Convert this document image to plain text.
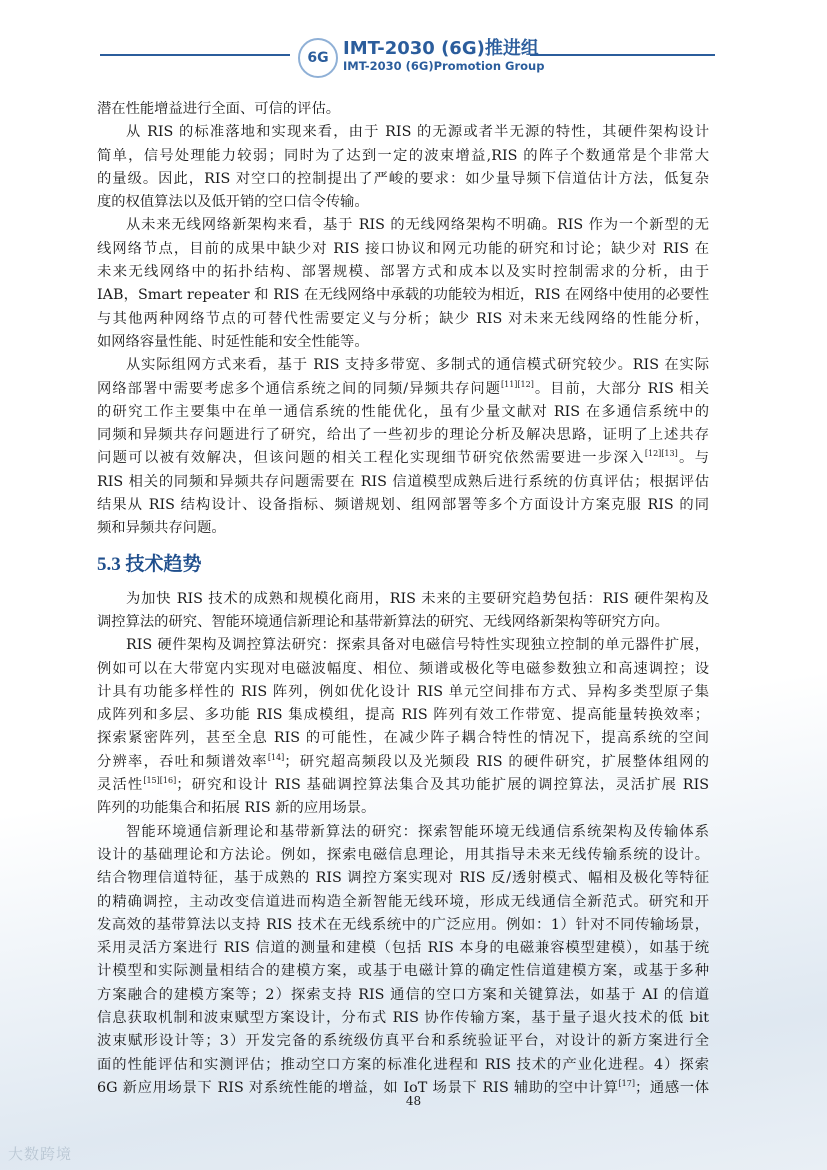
6G IMT-2030 (6G)推进组
IMT-2030 (6G)Promotion Group
潜在性能增益进行全面、可信的评估。
从 RIS 的标准落地和实现来看，由于 RIS 的无源或者半无源的特性，其硬件架构设计
简单，信号处理能力较弱；同时为了达到一定的波束增益,RIS 的阵子个数通常是个非常大
的量级。因此，RIS 对空口的控制提出了严峻的要求：如少量导频下信道估计方法，低复杂
度的权值算法以及低开销的空口信令传输。
从未来无线网络新架构来看，基于 RIS 的无线网络架构不明确。RIS 作为一个新型的无
线网络节点，目前的成果中缺少对 RIS 接口协议和网元功能的研究和讨论；缺少对 RIS 在
未来无线网络中的拓扑结构、部署规模、部署方式和成本以及实时控制需求的分析，由于
IAB，Smart repeater 和 RIS 在无线网络中承载的功能较为相近，RIS 在网络中使用的必要性
与其他两种网络节点的可替代性需要定义与分析；缺少 RIS 对未来无线网络的性能分析，
如网络容量性能、时延性能和安全性能等。
从实际组网方式来看，基于 RIS 支持多带宽、多制式的通信模式研究较少。RIS 在实际
网络部署中需要考虑多个通信系统之间的同频/异频共存问题[11][12]。目前，大部分 RIS 相关
的研究工作主要集中在单一通信系统的性能优化，虽有少量文献对 RIS 在多通信系统中的
同频和异频共存问题进行了研究，给出了一些初步的理论分析及解决思路，证明了上述共存
问题可以被有效解决，但该问题的相关工程化实现细节研究依然需要进一步深入[12][13]。与
RIS 相关的同频和异频共存问题需要在 RIS 信道模型成熟后进行系统的仿真评估；根据评估
结果从 RIS 结构设计、设备指标、频谱规划、组网部署等多个方面设计方案克服 RIS 的同
频和异频共存问题。
5.3 技术趋势
为加快 RIS 技术的成熟和规模化商用，RIS 未来的主要研究趋势包括：RIS 硬件架构及
调控算法的研究、智能环境通信新理论和基带新算法的研究、无线网络新架构等研究方向。
RIS 硬件架构及调控算法研究：探索具备对电磁信号特性实现独立控制的单元器件扩展，
例如可以在大带宽内实现对电磁波幅度、相位、频谱或极化等电磁参数独立和高速调控；设
计具有功能多样性的 RIS 阵列，例如优化设计 RIS 单元空间排布方式、异构多类型原子集
成阵列和多层、多功能 RIS 集成模组，提高 RIS 阵列有效工作带宽、提高能量转换效率；
探索紧密阵列，甚至全息 RIS 的可能性，在减少阵子耦合特性的情况下，提高系统的空间
分辨率，吞吐和频谱效率[14]；研究超高频段以及光频段 RIS 的硬件研究，扩展整体组网的
灵活性[15][16]；研究和设计 RIS 基础调控算法集合及其功能扩展的调控算法，灵活扩展 RIS
阵列的功能集合和拓展 RIS 新的应用场景。
智能环境通信新理论和基带新算法的研究：探索智能环境无线通信系统架构及传输体系
设计的基础理论和方法论。例如，探索电磁信息理论，用其指导未来无线传输系统的设计。
结合物理信道特征，基于成熟的 RIS 调控方案实现对 RIS 反/透射模式、幅相及极化等特征
的精确调控，主动改变信道进而构造全新智能无线环境，形成无线通信全新范式。研究和开
发高效的基带算法以支持 RIS 技术在无线系统中的广泛应用。例如：1）针对不同传输场景，
采用灵活方案进行 RIS 信道的测量和建模（包括 RIS 本身的电磁兼容模型建模），如基于统
计模型和实际测量相结合的建模方案，或基于电磁计算的确定性信道建模方案，或基于多种
方案融合的建模方案等；2）探索支持 RIS 通信的空口方案和关键算法，如基于 AI 的信道
信息获取机制和波束赋型方案设计，分布式 RIS 协作传输方案，基于量子退火技术的低 bit
波束赋形设计等；3）开发完备的系统级仿真平台和系统验证平台，对设计的新方案进行全
面的性能评估和实测评估；推动空口方案的标准化进程和 RIS 技术的产业化进程。4）探索
6G 新应用场景下 RIS 对系统性能的增益，如 IoT 场景下 RIS 辅助的空中计算[17]；通感一体
48
大数跨境
